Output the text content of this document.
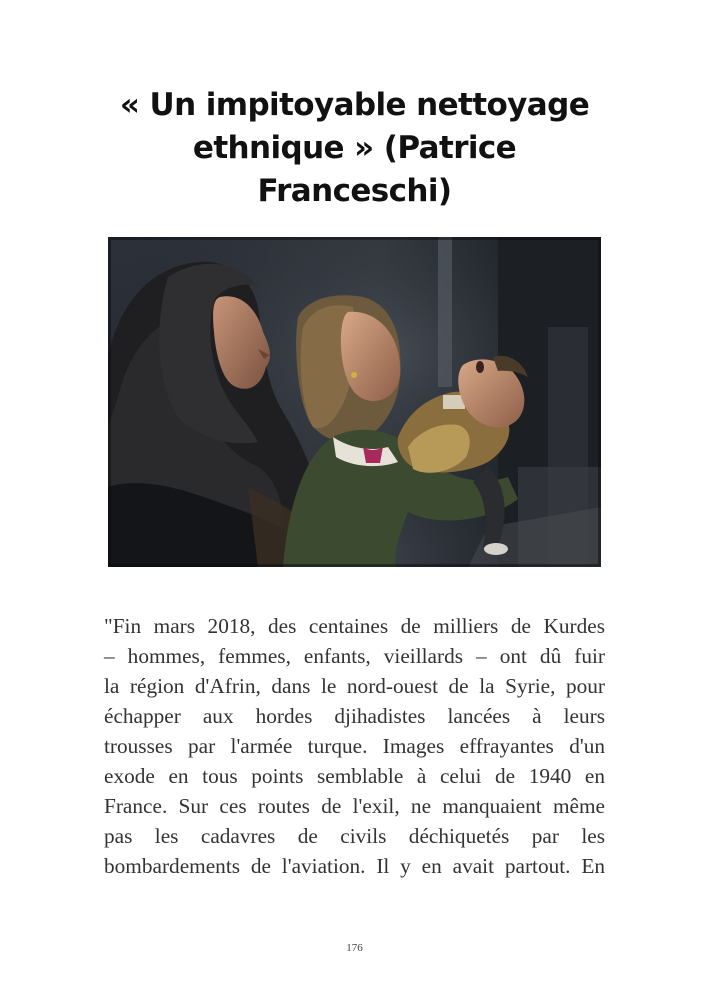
« Un impitoyable nettoyage
ethnique » (Patrice
Franceschi)
"Fin mars 2018, des centaines de milliers de Kurdes
– hommes, femmes, enfants, vieillards – ont dû fuir
la région d'Afrin, dans le nord-ouest de la Syrie, pour
échapper aux hordes djihadistes lancées à leurs
trousses par l'armée turque. Images effrayantes d'un
exode en tous points semblable à celui de 1940 en
France. Sur ces routes de l'exil, ne manquaient même
pas les cadavres de civils déchiquetés par les
bombardements de l'aviation. Il y en avait partout. En
176
